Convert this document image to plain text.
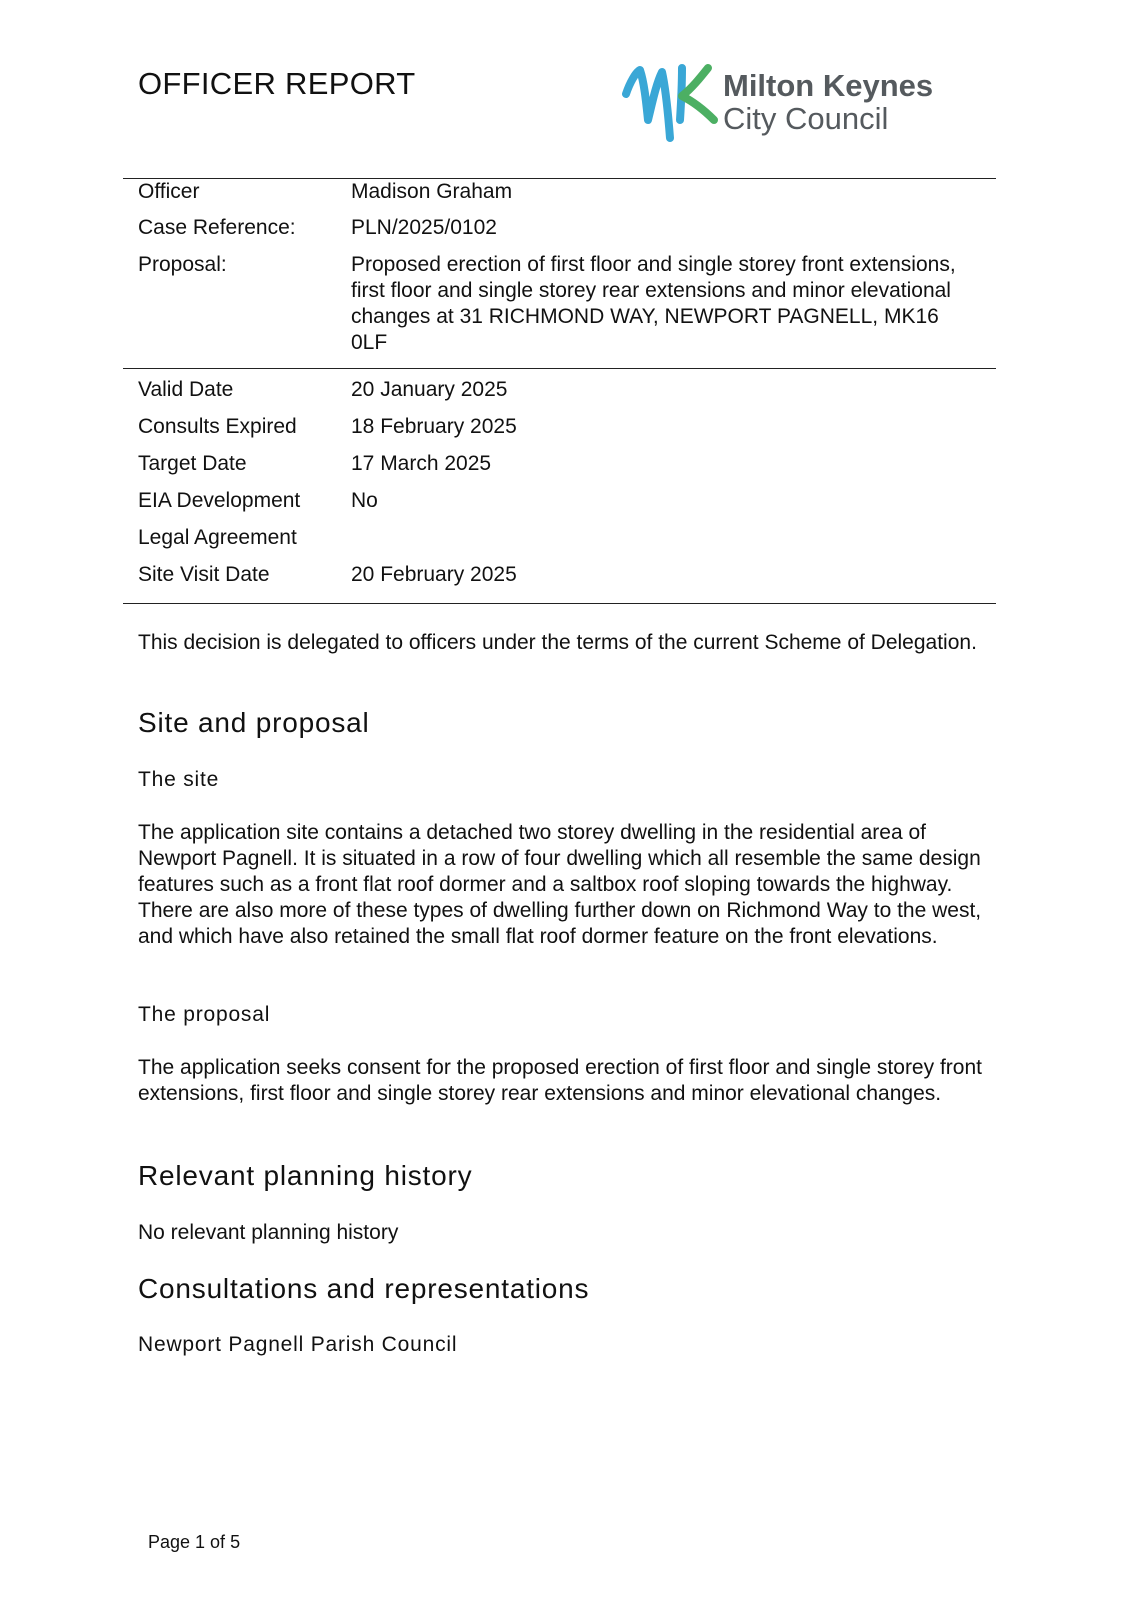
OFFICER REPORT	Milton Keynes
City Council
Officer	Madison Graham
Case Reference:	PLN/2025/0102
Proposal:	Proposed erection of first floor and single storey front extensions, first floor and single storey rear extensions and minor elevational changes at 31 RICHMOND WAY, NEWPORT PAGNELL, MK16 0LF
Valid Date	20 January 2025
Consults Expired	18 February 2025
Target Date	17 March 2025
EIA Development No
Legal Agreement
Site Visit Date	20 February 2025
This decision is delegated to officers under the terms of the current Scheme of Delegation.
Site and proposal
The site
The application site contains a detached two storey dwelling in the residential area of Newport Pagnell. It is situated in a row of four dwelling which all resemble the same design features such as a front flat roof dormer and a saltbox roof sloping towards the highway. There are also more of these types of dwelling further down on Richmond Way to the west, and which have also retained the small flat roof dormer feature on the front elevations.
The proposal
The application seeks consent for the proposed erection of first floor and single storey front extensions, first floor and single storey rear extensions and minor elevational changes.
Relevant planning history
No relevant planning history
Consultations and representations
Newport Pagnell Parish Council
Page 1 of 5
